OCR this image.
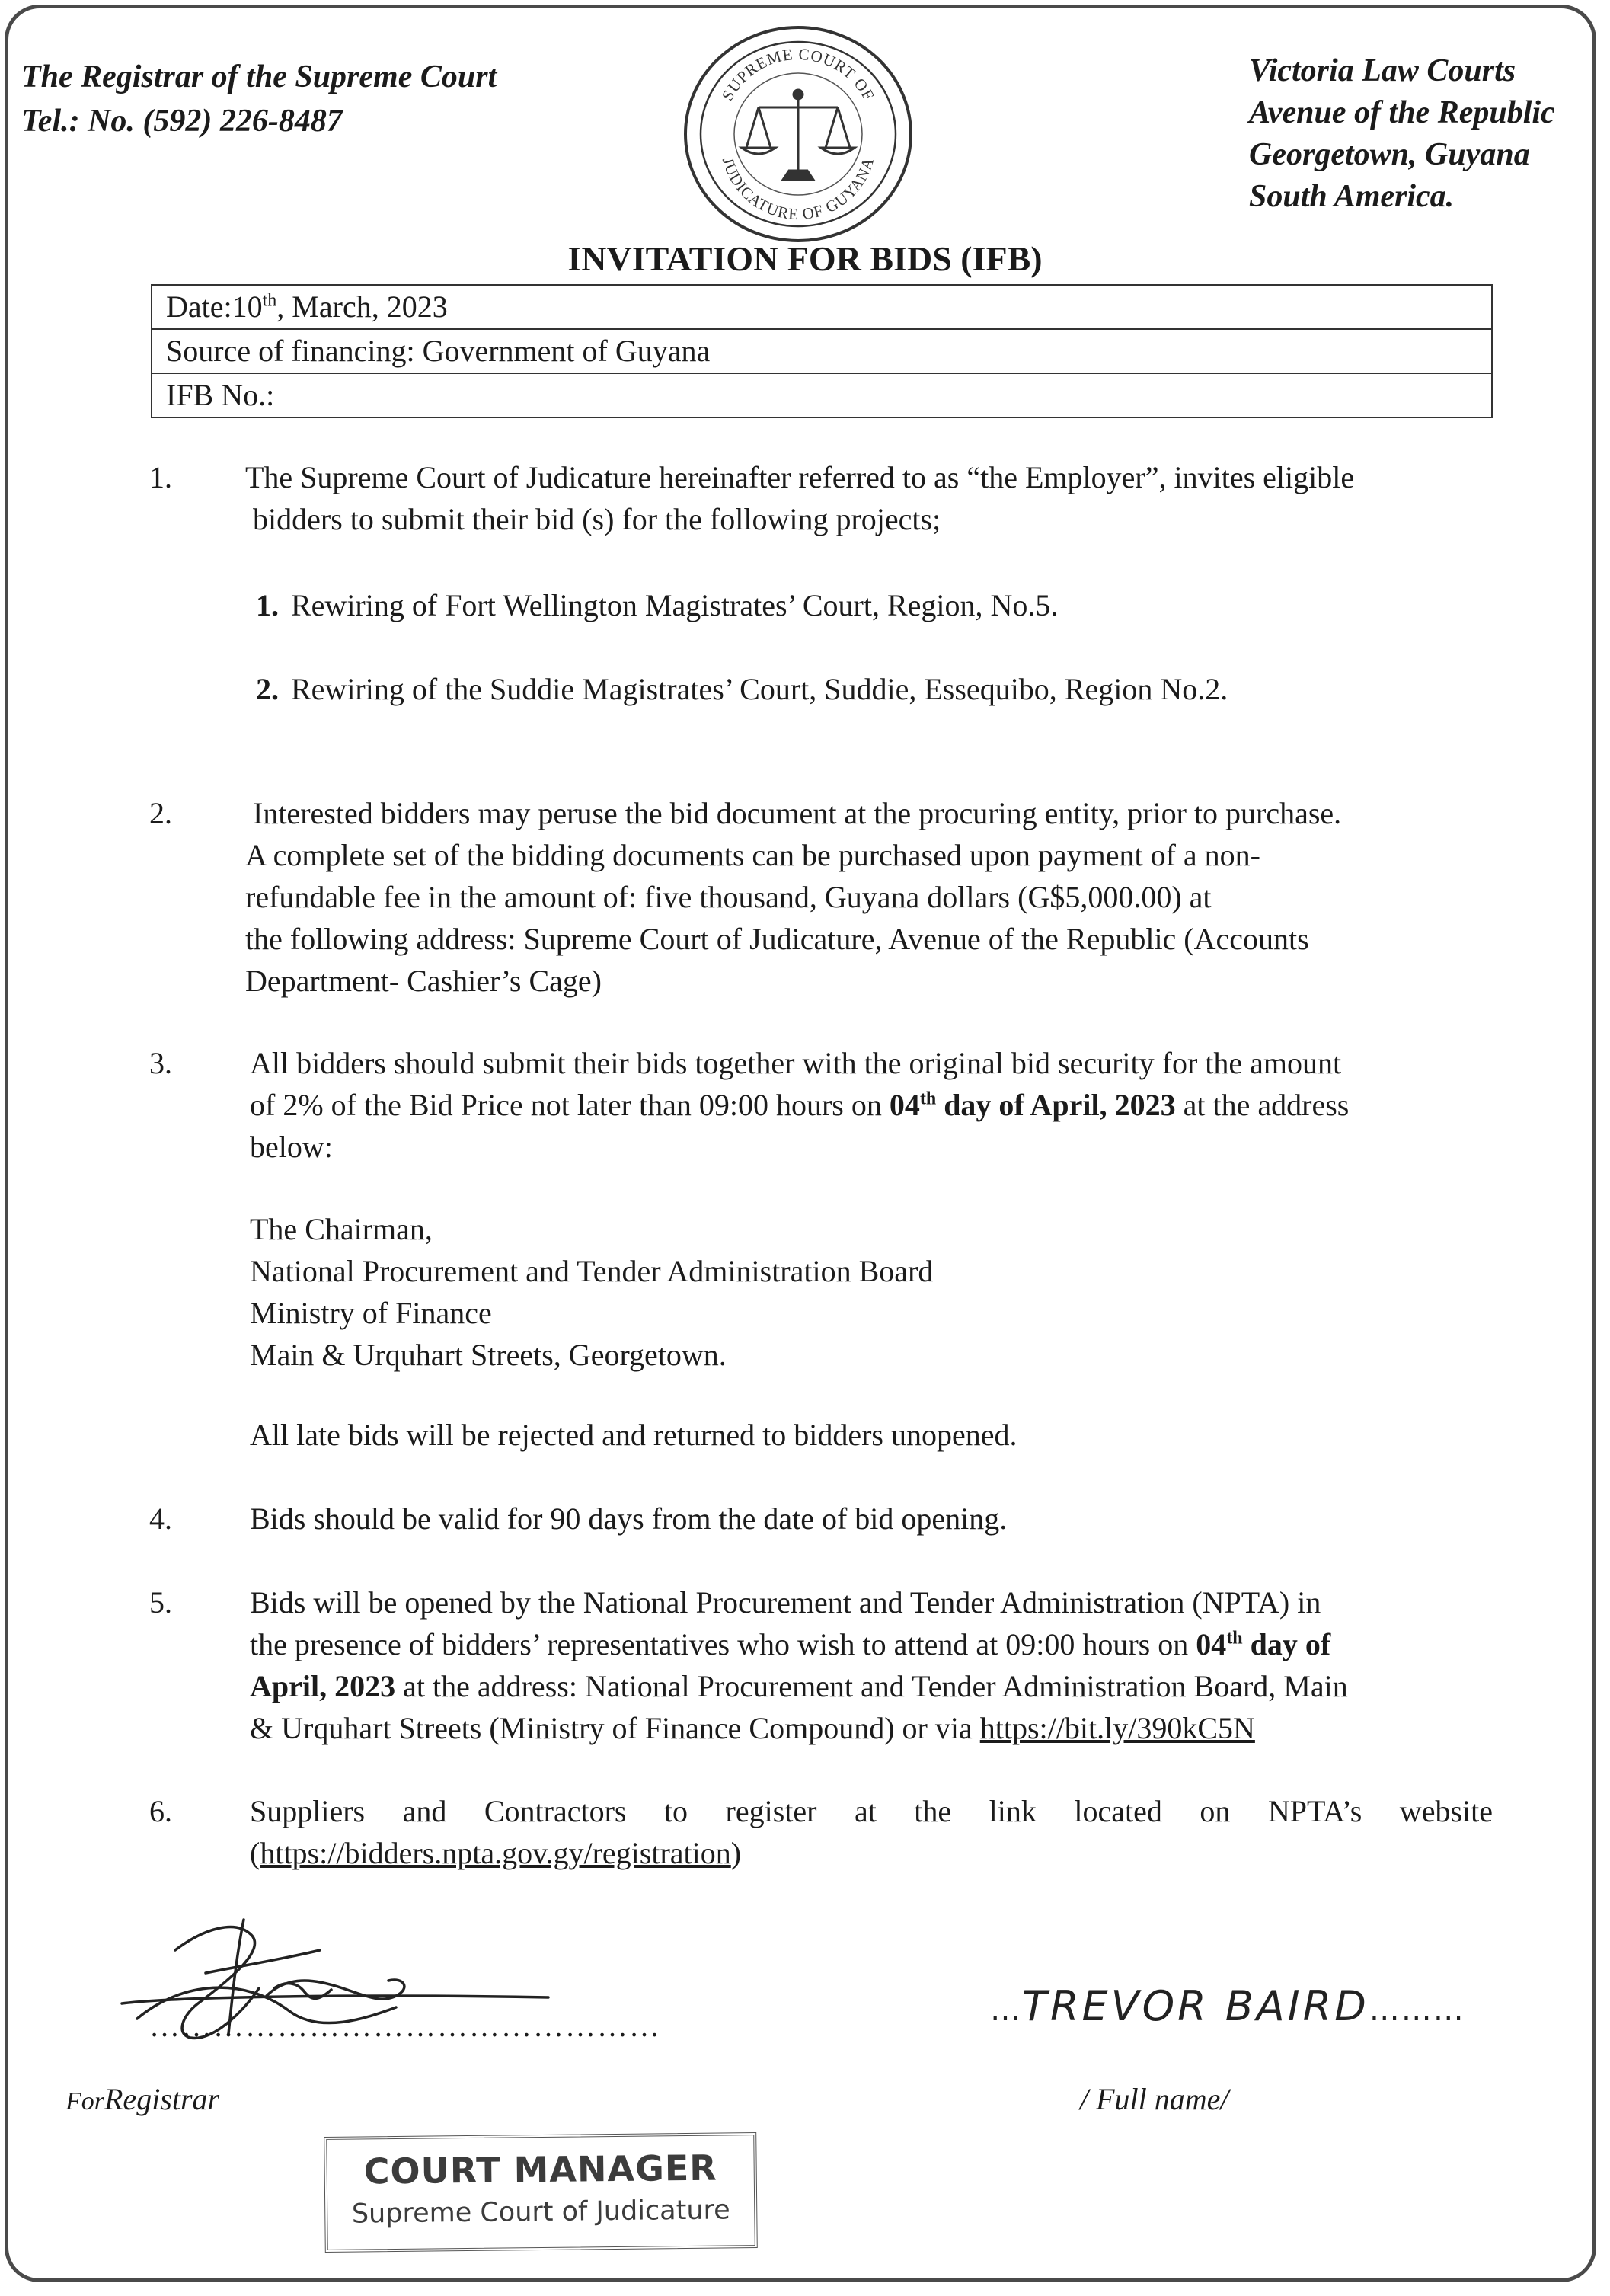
The Registrar of the Supreme Court
Tel.: No. (592) 226-8487
SUPREME COURT OF
JUDICATURE OF GUYANA
Victoria Law Courts
Avenue of the Republic
Georgetown, Guyana
South America.
INVITATION FOR BIDS (IFB)
Date:10th, March, 2023
Source of financing: Government of Guyana
IFB No.:
1. The Supreme Court of Judicature hereinafter referred to as “the Employer”, invites eligible
bidders to submit their bid (s) for the following projects;
1. Rewiring of Fort Wellington Magistrates’ Court, Region, No.5.
2. Rewiring of the Suddie Magistrates’ Court, Suddie, Essequibo, Region No.2.
2.	Interested bidders may peruse the bid document at the procuring entity, prior to purchase.
A complete set of the bidding documents can be purchased upon payment of a non-
refundable fee in the amount of: five thousand, Guyana dollars (G$5,000.00) at
the following address: Supreme Court of Judicature, Avenue of the Republic (Accounts
Department- Cashier’s Cage)
3.	All bidders should submit their bids together with the original bid security for the amount
of 2% of the Bid Price not later than 09:00 hours on 04th day of April, 2023 at the address
below:
The Chairman,
National Procurement and Tender Administration Board
Ministry of Finance
Main & Urquhart Streets, Georgetown.
All late bids will be rejected and returned to bidders unopened.
4.	Bids should be valid for 90 days from the date of bid opening.
5.	Bids will be opened by the National Procurement and Tender Administration (NPTA) in
the presence of bidders’ representatives who wish to attend at 09:00 hours on 04th day of
April, 2023 at the address: National Procurement and Tender Administration Board, Main
& Urquhart Streets (Ministry of Finance Compound) or via https://bit.ly/390kC5N
6.	Suppliers and Contractors to register at the link located on NPTA’s website
(https://bidders.npta.gov.gy/registration)
…………………………………………
ForRegistrar
…TREVOR BAIRD………
/ Full name/
COURT MANAGER
Supreme Court of Judicature
